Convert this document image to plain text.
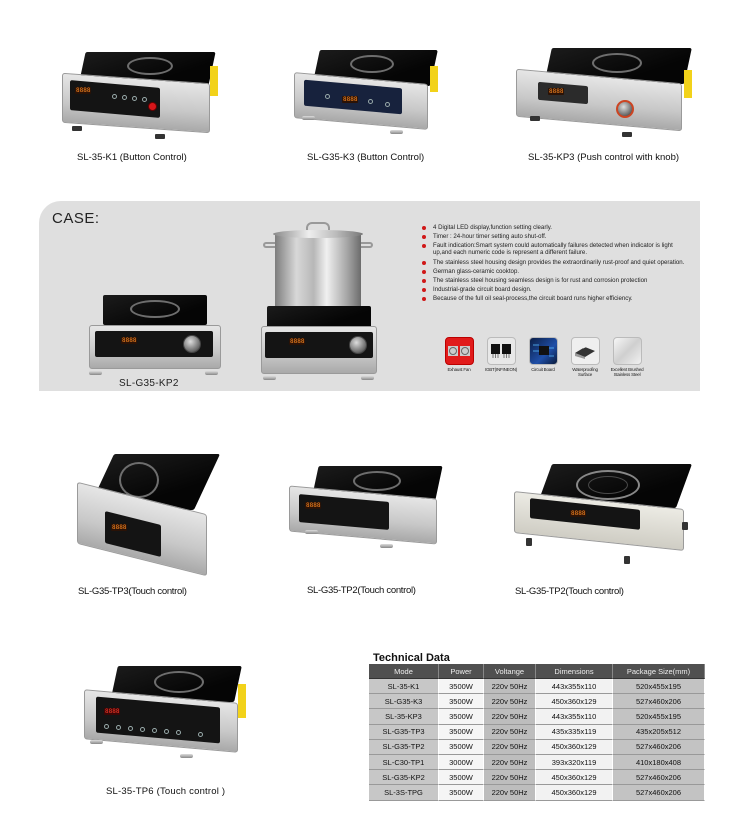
8888
SL-35-K1 (Button Control)
8888
SL-G35-K3 (Button Control)
8888
SL-35-KP3 (Push control with knob)
CASE:
8888
SL-G35-KP2
8888
4 Digital LED display,function setting clearly.
Timer : 24-hour timer setting auto shut-off.
Fault indication:Smart system could automatically failures detected when indicator is light up,and each numeric code is represent a different failure.
The stainless steel housing design provides the extraordinarily rust-proof and quiet operation.
German glass-ceramic cooktop.
The stainless steel housing seamless design is for rust and corrosion protection
Industrial-grade circuit board design.
Because of the full oil seal-process,the circuit board runs higher efficiency.
Exhaust Fan	IGBT(INFINEON)	Circuit Board	Waterproofing Surface
Excellent Brushed Stainless Steel
8888
SL-G35-TP3(Touch control)
8888
SL-G35-TP2(Touch control)
8888
SL-G35-TP2(Touch control)
8888
SL-35-TP6 (Touch control )
Technical Data
Mode	Power	Voltange	Dimensions	Package Size(mm)
SL-35-K1	3500W	220v 50Hz	443x355x110	520x455x195
SL-G35-K3	3500W	220v 50Hz	450x360x129	527x460x206
SL-35-KP3	3500W	220v 50Hz	443x355x110	520x455x195
SL-G35-TP3	3500W	220v 50Hz	435x335x119	435x205x512
SL-G35-TP2	3500W	220v 50Hz	450x360x129	527x460x206
SL-C30-TP1	3000W	220v 50Hz	393x320x119	410x180x408
SL-G35-KP2	3500W	220v 50Hz	450x360x129	527x460x206
SL-3S-TPG	3500W	220v 50Hz	450x360x129	527x460x206
